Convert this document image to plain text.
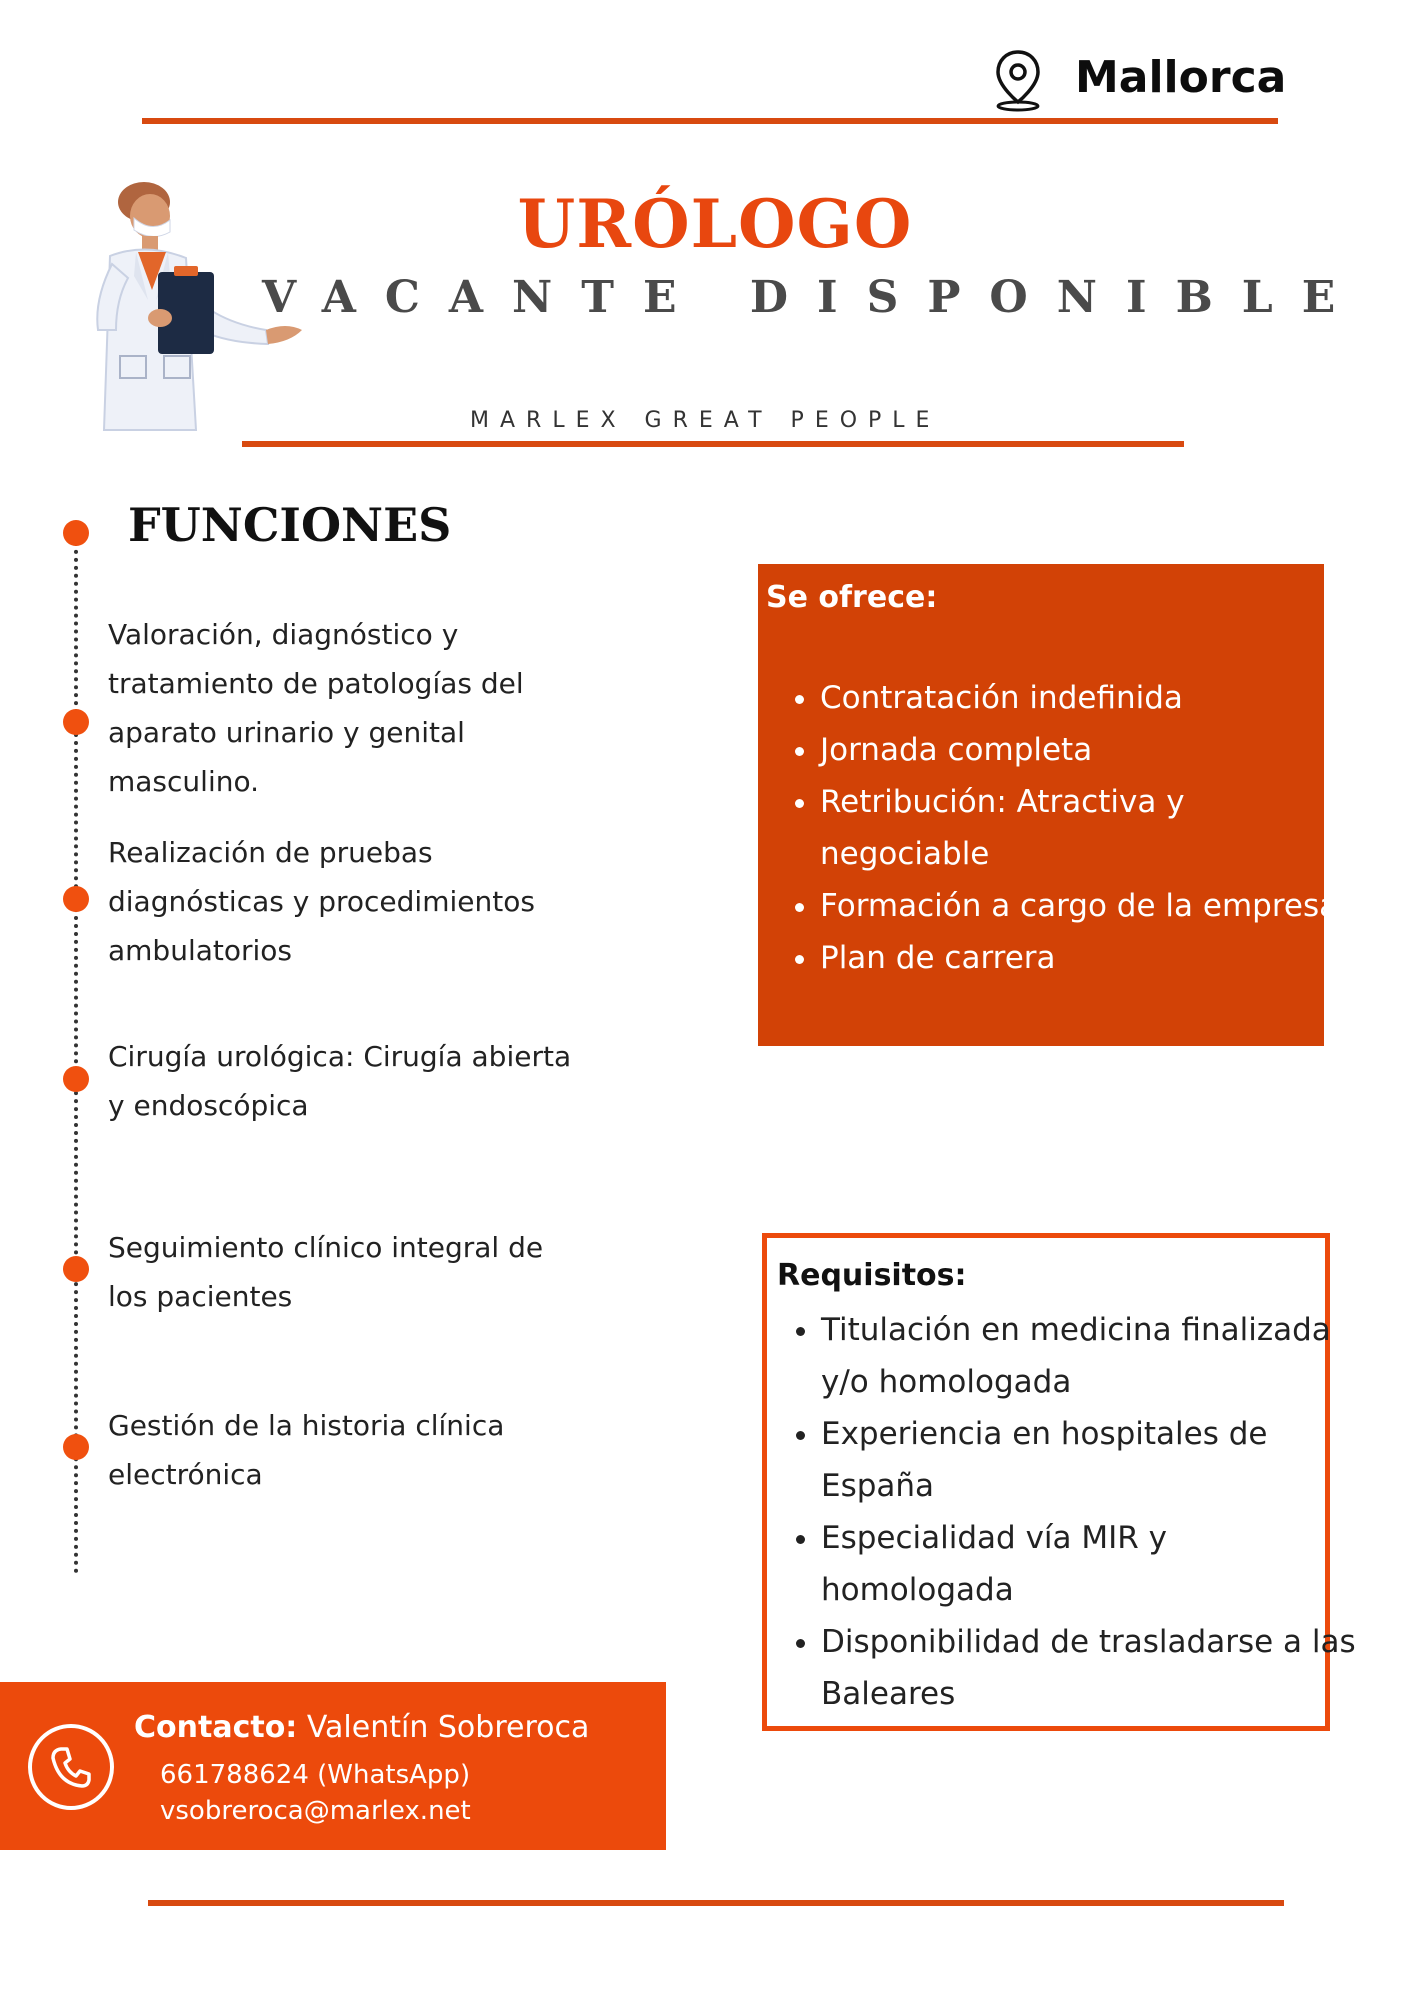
Mallorca
URÓLOGO
VACANTE DISPONIBLE
MARLEX GREAT PEOPLE
FUNCIONES
Valoración, diagnóstico y tratamiento de patologías del aparato urinario y genital masculino.
Realización de pruebas diagnósticas y procedimientos ambulatorios
Cirugía urológica: Cirugía abierta y endoscópica
Seguimiento clínico integral de los pacientes
Gestión de la historia clínica electrónica
Se ofrece:
• Contratación indefinida
• Jornada completa
• Retribución: Atractiva y negociable
• Formación a cargo de la empresa
• Plan de carrera
Requisitos:
• Titulación en medicina finalizada y/o homologada
• Experiencia en hospitales de España
• Especialidad vía MIR y homologada
• Disponibilidad de trasladarse a las Baleares
Contacto: Valentín Sobreroca
661788624 (WhatsApp)
vsobreroca@marlex.net
